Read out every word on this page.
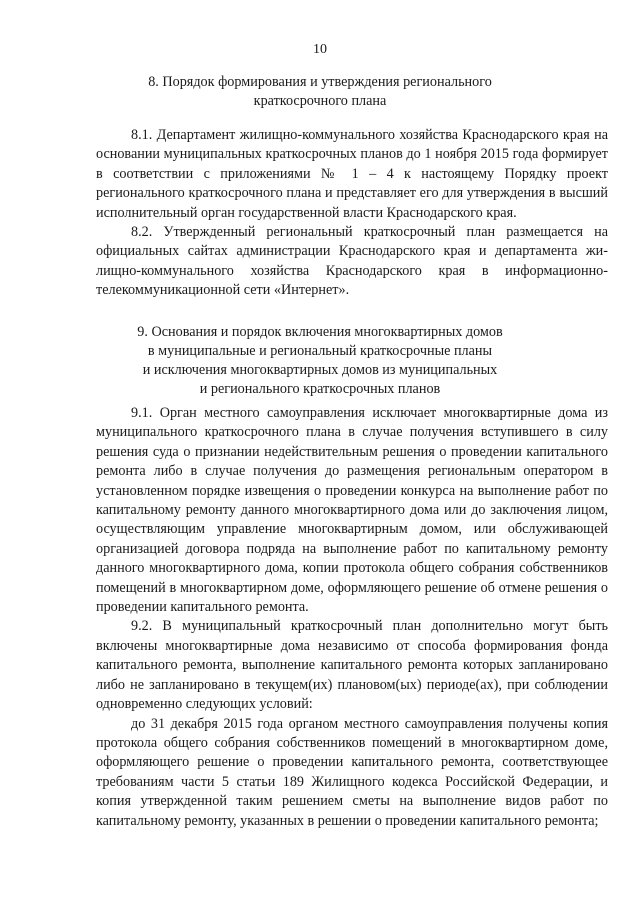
10
8. Порядок формирования и утверждения регионального
краткосрочного плана

8.1. Департамент жилищно-коммунального хозяйства Краснодарского края на основании муниципальных краткосрочных планов до 1 ноября 2015 года формирует в соответствии с приложениями № 1 – 4 к настоящему Порядку проект регионального краткосрочного плана и представляет его для утверждения в высший исполнительный орган государственной власти Краснодарского края.

8.2. Утвержденный региональный краткосрочный план размещается на официальных сайтах администрации Краснодарского края и департамента жилищно-коммунального хозяйства Краснодарского края в информационно-телекоммуникационной сети «Интернет».

9. Основания и порядок включения многоквартирных домов
в муниципальные и региональный краткосрочные планы
и исключения многоквартирных домов из муниципальных
и регионального краткосрочных планов

9.1. Орган местного самоуправления исключает многоквартирные дома из муниципального краткосрочного плана в случае получения вступившего в силу решения суда о признании недействительным решения о проведении капитального ремонта либо в случае получения до размещения региональным оператором в установленном порядке извещения о проведении конкурса на выполнение работ по капитальному ремонту данного многоквартирного дома или до заключения лицом, осуществляющим управление многоквартирным домом, или обслуживающей организацией договора подряда на выполнение работ по капитальному ремонту данного многоквартирного дома, копии протокола общего собрания собственников помещений в многоквартирном доме, оформляющего решение об отмене решения о проведении капитального ремонта.

9.2. В муниципальный краткосрочный план дополнительно могут быть включены многоквартирные дома независимо от способа формирования фонда капитального ремонта, выполнение капитального ремонта которых запланировано либо не запланировано в текущем(их) плановом(ых) периоде(ах), при соблюдении одновременно следующих условий:

до 31 декабря 2015 года органом местного самоуправления получены копия протокола общего собрания собственников помещений в многоквартирном доме, оформляющего решение о проведении капитального ремонта, соответствующее требованиям части 5 статьи 189 Жилищного кодекса Российской Федерации, и копия утвержденной таким решением сметы на выполнение видов работ по капитальному ремонту, указанных в решении о проведении капитального ремонта;
